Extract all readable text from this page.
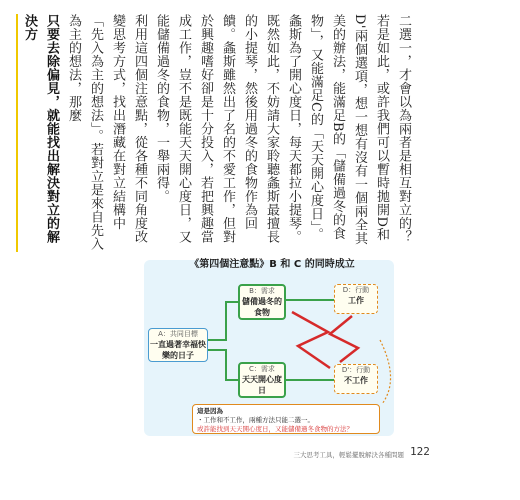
二選一，才會以為兩者是相互對立的？若是如此，或許我們可以暫時拋開D和D'兩個選項，想一想有沒有一個兩全其美的辦法，能滿足B的「儲備過冬的食物」，又能滿足C的「天天開心度日」。
螽斯為了開心度日，每天都拉小提琴。既然如此，不妨請大家聆聽螽斯最擅長的小提琴，然後用過冬的食物作為回饋。螽斯雖然出了名的不愛工作，但對於興趣嗜好卻是十分投入，若把興趣當成工作，豈不是既能天天開心度日，又能儲備過冬的食物，一舉兩得。
利用這四個注意點，從各種不同角度改變思考方式，找出潛藏在對立結構中「先入為主的想法」。若對立是來自先入為主的想法，那麼
只要去除偏見，就能找出解決對立的解決方
《第四個注意點》B 和 C 的同時成立
A：共同目標
一直過著幸福快樂的日子
B：需求
儲備過冬的食物
C：需求
天天開心度日
D：行動
工作
D'：行動
不工作
這是因為
・工作和不工作，兩種方法只能二選一。
或許能找到天天開心度日，又能儲備過冬食物的方法？
三大思考工具，輕鬆擺脫解決各種問題 122
